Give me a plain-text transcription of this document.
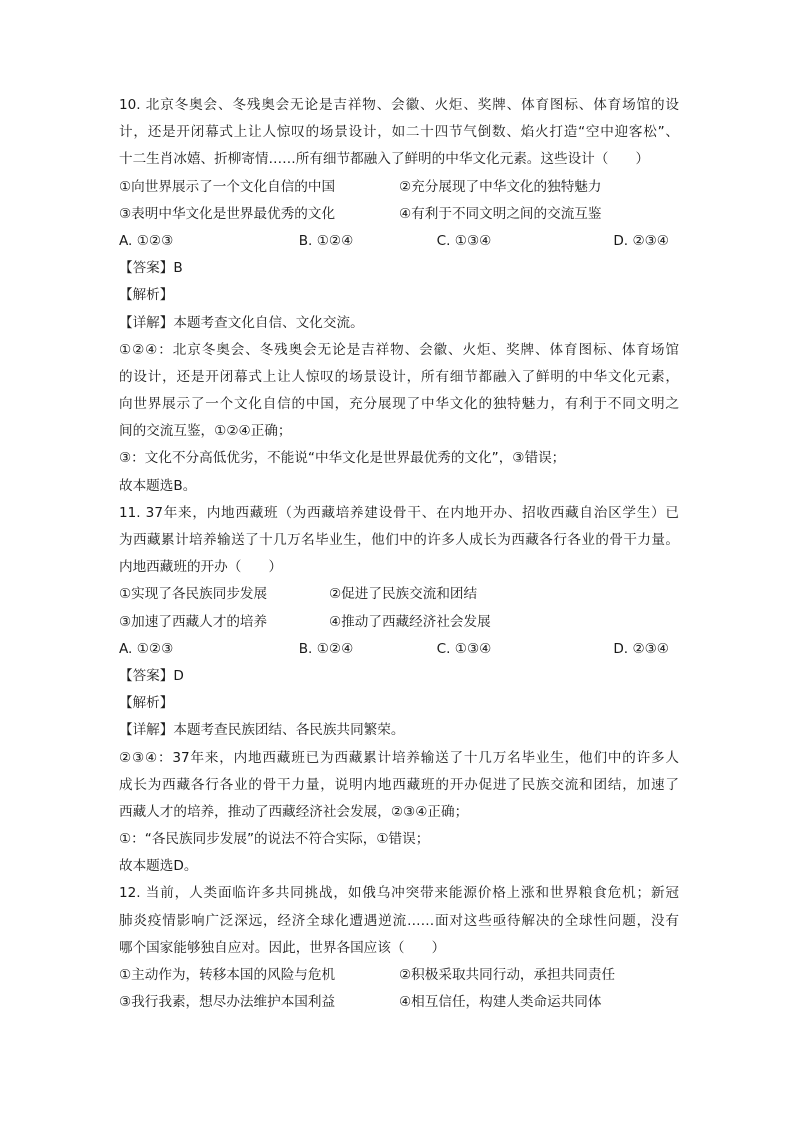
10. 北京冬奥会、冬残奥会无论是吉祥物、会徽、火炬、奖牌、体育图标、体育场馆的设
计，还是开闭幕式上让人惊叹的场景设计，如二十四节气倒数、焰火打造“空中迎客松”、
十二生肖冰嬉、折柳寄情……所有细节都融入了鲜明的中华文化元素。这些设计（　　）
①向世界展示了一个文化自信的中国	②充分展现了中华文化的独特魅力
③表明中华文化是世界最优秀的文化	④有利于不同文明之间的交流互鉴
A. ①②③	B. ①②④	C. ①③④	D. ②③④
【答案】B
【解析】
【详解】本题考查文化自信、文化交流。
①②④：北京冬奥会、冬残奥会无论是吉祥物、会徽、火炬、奖牌、体育图标、体育场馆
的设计，还是开闭幕式上让人惊叹的场景设计，所有细节都融入了鲜明的中华文化元素，
向世界展示了一个文化自信的中国，充分展现了中华文化的独特魅力，有利于不同文明之
间的交流互鉴，①②④正确；
③：文化不分高低优劣，不能说“中华文化是世界最优秀的文化”，③错误；
故本题选B。
11. 37年来，内地西藏班（为西藏培养建设骨干、在内地开办、招收西藏自治区学生）已
为西藏累计培养输送了十几万名毕业生，他们中的许多人成长为西藏各行各业的骨干力量。
内地西藏班的开办（　　）
①实现了各民族同步发展	②促进了民族交流和团结
③加速了西藏人才的培养	④推动了西藏经济社会发展
A. ①②③	B. ①②④	C. ①③④	D. ②③④
【答案】D
【解析】
【详解】本题考查民族团结、各民族共同繁荣。
②③④：37年来，内地西藏班已为西藏累计培养输送了十几万名毕业生，他们中的许多人
成长为西藏各行各业的骨干力量，说明内地西藏班的开办促进了民族交流和团结，加速了
西藏人才的培养，推动了西藏经济社会发展，②③④正确；
①：“各民族同步发展”的说法不符合实际，①错误；
故本题选D。
12. 当前，人类面临许多共同挑战，如俄乌冲突带来能源价格上涨和世界粮食危机；新冠
肺炎疫情影响广泛深远，经济全球化遭遇逆流……面对这些亟待解决的全球性问题，没有
哪个国家能够独自应对。因此，世界各国应该（　　）
①主动作为，转移本国的风险与危机	②积极采取共同行动，承担共同责任
③我行我素，想尽办法维护本国利益	④相互信任，构建人类命运共同体
